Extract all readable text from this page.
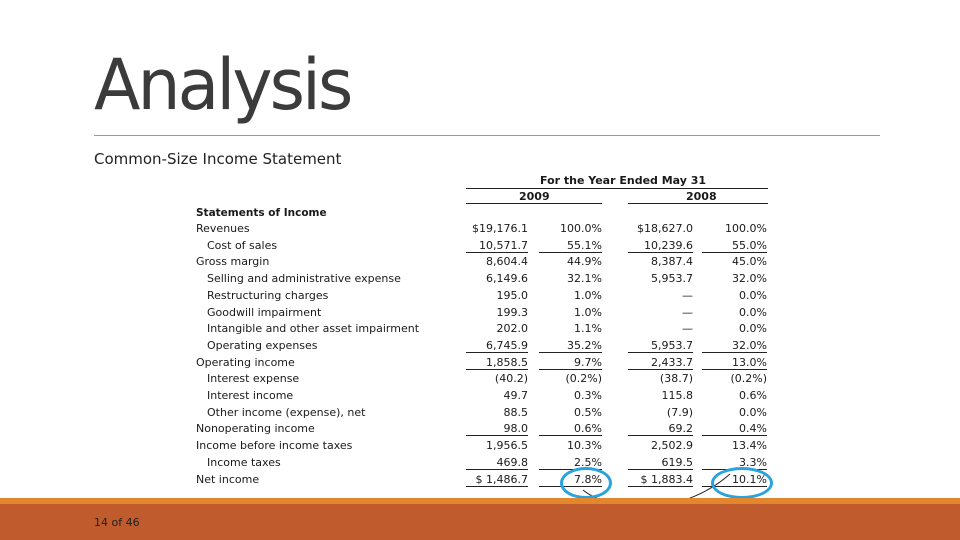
Analysis
Common-Size Income Statement
For the Year Ended May 31
2009	2008
Statements of Income
Revenues	$19,176.1	100.0%	$18,627.0	100.0%
Cost of sales	10,571.7	55.1%	10,239.6	55.0%
Gross margin	8,604.4	44.9%	8,387.4	45.0%
Selling and administrative expense	6,149.6	32.1%	5,953.7	32.0%
Restructuring charges	195.0	1.0%	—	0.0%
Goodwill impairment	199.3	1.0%	—	0.0%
Intangible and other asset impairment	202.0	1.1%	—	0.0%
Operating expenses	6,745.9	35.2%	5,953.7	32.0%
Operating income	1,858.5	9.7%	2,433.7	13.0%
Interest expense	(40.2)	(0.2%)	(38.7)	(0.2%)
Interest income	49.7	0.3%	115.8	0.6%
Other income (expense), net	88.5	0.5%	(7.9)	0.0%
Nonoperating income	98.0	0.6%	69.2	0.4%
Income before income taxes	1,956.5	10.3%	2,502.9	13.4%
Income taxes	469.8	2.5%	619.5	3.3%
Net income	$ 1,486.7	7.8%	$ 1,883.4	10.1%
14 of 46
